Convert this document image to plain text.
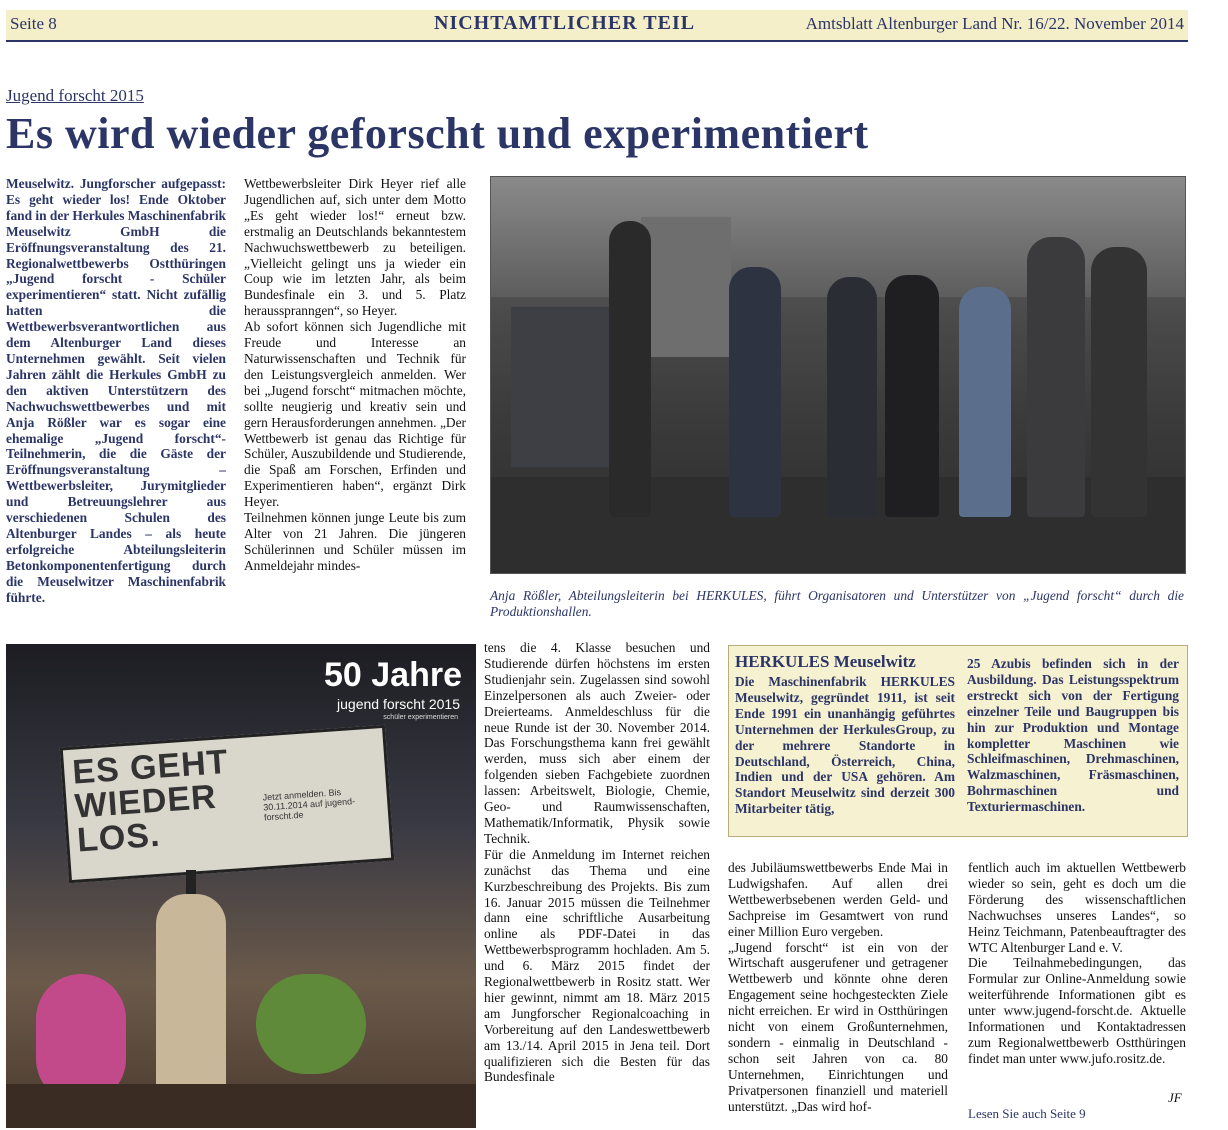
Seite 8	NICHTAMTLICHER TEIL	Amtsblatt Altenburger Land Nr. 16/22. November 2014
Jugend forscht 2015
Es wird wieder geforscht und experimentiert

Meuselwitz. Jungforscher aufgepasst: Es geht wieder los! Ende Oktober fand in der Herkules Maschinenfabrik Meuselwitz GmbH die Eröffnungsveranstaltung des 21. Regionalwettbewerbs Ostthüringen „Jugend forscht - Schüler experimentieren“ statt. Nicht zufällig hatten die Wettbewerbsverantwortlichen aus dem Altenburger Land dieses Unternehmen gewählt. Seit vielen Jahren zählt die Herkules GmbH zu den aktiven Unterstützern des Nachwuchswettbewerbes und mit Anja Rößler war es sogar eine ehemalige „Jugend forscht“-Teilnehmerin, die die Gäste der Eröffnungsveranstaltung – Wettbewerbsleiter, Jurymitglieder und Betreuungslehrer aus verschiedenen Schulen des Altenburger Landes – als heute erfolgreiche Abteilungsleiterin Betonkomponentenfertigung durch die Meuselwitzer Maschinenfabrik führte.

Wettbewerbsleiter Dirk Heyer rief alle Jugendlichen auf, sich unter dem Motto „Es geht wieder los!“ erneut bzw. erstmalig an Deutschlands bekanntestem Nachwuchswettbewerb zu beteiligen. „Vielleicht gelingt uns ja wieder ein Coup wie im letzten Jahr, als beim Bundesfinale ein 3. und 5. Platz herausspranngen“, so Heyer.

Ab sofort können sich Jugendliche mit Freude und Interesse an Naturwissenschaften und Technik für den Leistungsvergleich anmelden. Wer bei „Jugend forscht“ mitmachen möchte, sollte neugierig und kreativ sein und gern Herausforderungen annehmen. „Der Wettbewerb ist genau das Richtige für Schüler, Auszubildende und Studierende, die Spaß am Forschen, Erfinden und Experimentieren haben“, ergänzt Dirk Heyer.

Teilnehmen können junge Leute bis zum Alter von 21 Jahren. Die jüngeren Schülerinnen und Schüler müssen im Anmeldejahr mindes-

Anja Rößler, Abteilungsleiterin bei HERKULES, führt Organisatoren und Unterstützer von „Jugend forscht“ durch die Produktionshallen.
50 Jahre
jugend forscht 2015
schüler experimentieren
ES GEHT WIEDER LOS.
Jetzt anmelden. Bis 30.11.2014 auf jugend-forscht.de

tens die 4. Klasse besuchen und Studierende dürfen höchstens im ersten Studienjahr sein. Zugelassen sind sowohl Einzelpersonen als auch Zweier- oder Dreierteams. Anmeldeschluss für die neue Runde ist der 30. November 2014. Das Forschungsthema kann frei gewählt werden, muss sich aber einem der folgenden sieben Fachgebiete zuordnen lassen: Arbeitswelt, Biologie, Chemie, Geo- und Raumwissenschaften, Mathematik/Informatik, Physik sowie Technik.

Für die Anmeldung im Internet reichen zunächst das Thema und eine Kurzbeschreibung des Projekts. Bis zum 16. Januar 2015 müssen die Teilnehmer dann eine schriftliche Ausarbeitung online als PDF-Datei in das Wettbewerbsprogramm hochladen. Am 5. und 6. März 2015 findet der Regionalwettbewerb in Rositz statt. Wer hier gewinnt, nimmt am 18. März 2015 am Jungforscher Regionalcoaching in Vorbereitung auf den Landeswettbewerb am 13./14. April 2015 in Jena teil. Dort qualifizieren sich die Besten für das Bundesfinale

HERKULES Meuselwitz
Die Maschinenfabrik HERKULES Meuselwitz, gegründet 1911, ist seit Ende 1991 ein unanhängig geführtes Unternehmen der HerkulesGroup, zu der mehrere Standorte in Deutschland, Österreich, China, Indien und der USA gehören. Am Standort Meuselwitz sind derzeit 300 Mitarbeiter tätig,
25 Azubis befinden sich in der Ausbildung. Das Leistungsspektrum erstreckt sich von der Fertigung einzelner Teile und Baugruppen bis hin zur Produktion und Montage kompletter Maschinen wie Schleifmaschinen, Drehmaschinen, Walzmaschinen, Fräsmaschinen, Bohrmaschinen und Texturiermaschinen.

des Jubiläumswettbewerbs Ende Mai in Ludwigshafen. Auf allen drei Wettbewerbsebenen werden Geld- und Sachpreise im Gesamtwert von rund einer Million Euro vergeben.

„Jugend forscht“ ist ein von der Wirtschaft ausgerufener und getragener Wettbewerb und könnte ohne deren Engagement seine hochgesteckten Ziele nicht erreichen. Er wird in Ostthüringen nicht von einem Großunternehmen, sondern - einmalig in Deutschland - schon seit Jahren von ca. 80 Unternehmen, Einrichtungen und Privatpersonen finanziell und materiell unterstützt. „Das wird hof-

fentlich auch im aktuellen Wettbewerb wieder so sein, geht es doch um die Förderung des wissenschaftlichen Nachwuchses unseres Landes“, so Heinz Teichmann, Patenbeauftragter des WTC Altenburger Land e. V.

Die Teilnahmebedingungen, das Formular zur Online-Anmeldung sowie weiterführende Informationen gibt es unter www.jugend-forscht.de. Aktuelle Informationen und Kontaktadressen zum Regionalwettbewerb Ostthüringen findet man unter www.jufo.rositz.de.

JF
Lesen Sie auch Seite 9
